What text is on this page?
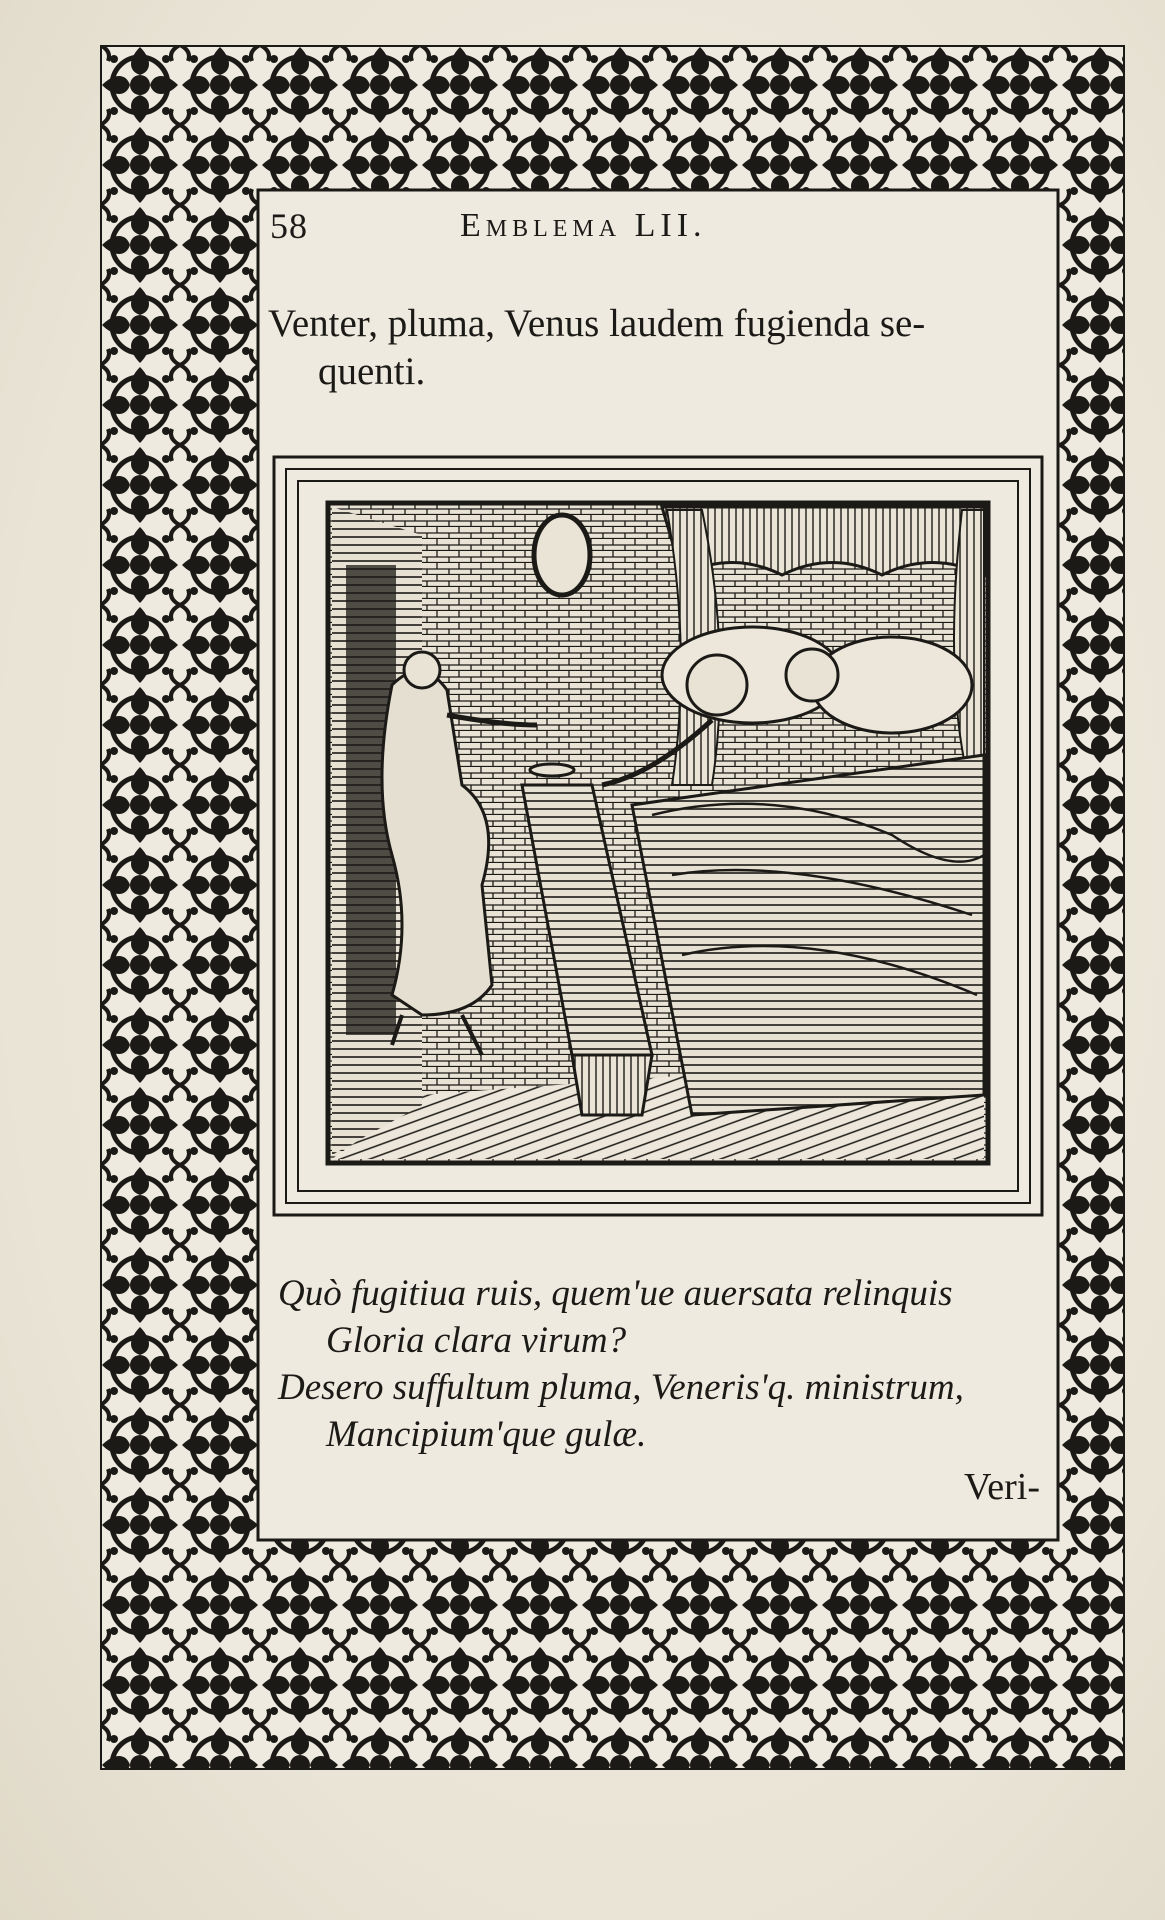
58	Emblema LII.
Venter, pluma, Venus laudem fugienda se-
quenti.
Quò fugitiua ruis, quem'ue auersata relinquis
Gloria clara virum?
Desero suffultum pluma, Veneris'q. ministrum,
Mancipium'que gulæ.
Veri-
